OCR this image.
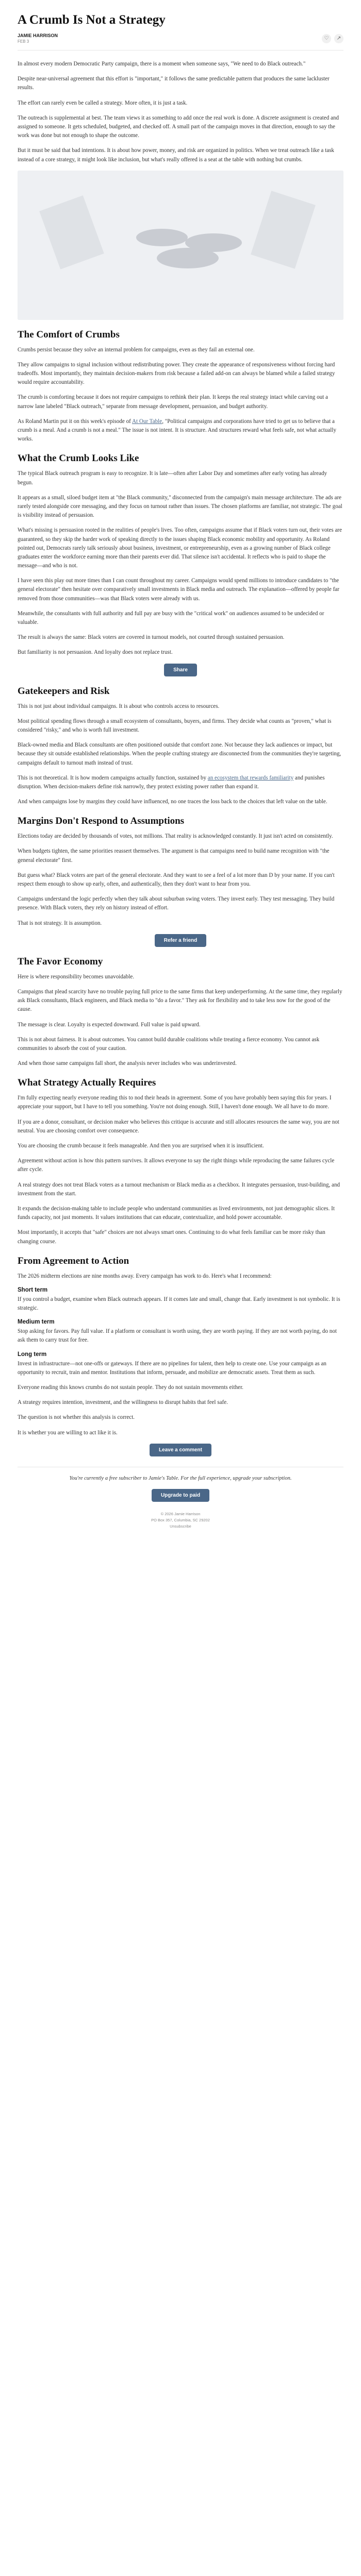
A Crumb Is Not a Strategy
JAMIE HARRISON
FEB 3
♡	↗

In almost every modern Democratic Party campaign, there is a moment when someone says, "We need to do Black outreach."

Despite near-universal agreement that this effort is "important," it follows the same predictable pattern that produces the same lackluster results.

The effort can rarely even be called a strategy. More often, it is just a task.

The outreach is supplemental at best. The team views it as something to add once the real work is done. A discrete assignment is created and assigned to someone. It gets scheduled, budgeted, and checked off. A small part of the campaign moves in that direction, enough to say the work was done but not enough to shape the outcome.

But it must be said that bad intentions. It is about how power, money, and risk are organized in politics. When we treat outreach like a task instead of a core strategy, it might look like inclusion, but what's really offered is a seat at the table with nothing but crumbs.

The Comfort of Crumbs

Crumbs persist because they solve an internal problem for campaigns, even as they fail an external one.

They allow campaigns to signal inclusion without redistributing power. They create the appearance of responsiveness without forcing hard tradeoffs. Most importantly, they maintain decision-makers from risk because a failed add-on can always be blamed while a failed strategy would require accountability.

The crumb is comforting because it does not require campaigns to rethink their plan. It keeps the real strategy intact while carving out a narrow lane labeled "Black outreach," separate from message development, persuasion, and budget authority.

As Roland Martin put it on this week's episode of At Our Table, "Political campaigns and corporations have tried to get us to believe that a crumb is a meal. And a crumb is not a meal." The issue is not intent. It is structure. And structures reward what feels safe, not what actually works.

What the Crumb Looks Like

The typical Black outreach program is easy to recognize. It is late—often after Labor Day and sometimes after early voting has already begun.

It appears as a small, siloed budget item at "the Black community," disconnected from the campaign's main message architecture. The ads are rarely tested alongside core messaging, and they focus on turnout rather than issues. The chosen platforms are familiar, not strategic. The goal is visibility instead of persuasion.

What's missing is persuasion rooted in the realities of people's lives. Too often, campaigns assume that if Black voters turn out, their votes are guaranteed, so they skip the harder work of speaking directly to the issues shaping Black economic mobility and opportunity. As Roland pointed out, Democrats rarely talk seriously about business, investment, or entrepreneurship, even as a growing number of Black college graduates enter the workforce earning more than their parents ever did. That silence isn't accidental. It reflects who is paid to shape the message—and who is not.

I have seen this play out more times than I can count throughout my career. Campaigns would spend millions to introduce candidates to "the general electorate" then hesitate over comparatively small investments in Black media and outreach. The explanation—offered by people far removed from those communities—was that Black voters were already with us.

Meanwhile, the consultants with full authority and full pay are busy with the "critical work" on audiences assumed to be undecided or valuable.

The result is always the same: Black voters are covered in turnout models, not courted through sustained persuasion.

But familiarity is not persuasion. And loyalty does not replace trust.

Share
Gatekeepers and Risk

This is not just about individual campaigns. It is about who controls access to resources.

Most political spending flows through a small ecosystem of consultants, buyers, and firms. They decide what counts as "proven," what is considered "risky," and who is worth full investment.

Black-owned media and Black consultants are often positioned outside that comfort zone. Not because they lack audiences or impact, but because they sit outside established relationships. When the people crafting strategy are disconnected from the communities they're targeting, campaigns default to turnout math instead of trust.

This is not theoretical. It is how modern campaigns actually function, sustained by an ecosystem that rewards familiarity and punishes disruption. When decision-makers define risk narrowly, they protect existing power rather than expand it.

And when campaigns lose by margins they could have influenced, no one traces the loss back to the choices that left value on the table.

Margins Don't Respond to Assumptions

Elections today are decided by thousands of votes, not millions. That reality is acknowledged constantly. It just isn't acted on consistently.

When budgets tighten, the same priorities reassert themselves. The argument is that campaigns need to build name recognition with "the general electorate" first.

But guess what? Black voters are part of the general electorate. And they want to see a feel of a lot more than D by your name. If you can't respect them enough to show up early, often, and authentically, then they don't want to hear from you.

Campaigns understand the logic perfectly when they talk about suburban swing voters. They invest early. They test messaging. They build presence. With Black voters, they rely on history instead of effort.

That is not strategy. It is assumption.

Refer a friend
The Favor Economy

Here is where responsibility becomes unavoidable.

Campaigns that plead scarcity have no trouble paying full price to the same firms that keep underperforming. At the same time, they regularly ask Black consultants, Black engineers, and Black media to "do a favor." They ask for flexibility and to take less now for the good of the cause.

The message is clear. Loyalty is expected downward. Full value is paid upward.

This is not about fairness. It is about outcomes. You cannot build durable coalitions while treating a fierce economy. You cannot ask communities to absorb the cost of your caution.

And when those same campaigns fall short, the analysis never includes who was underinvested.

What Strategy Actually Requires

I'm fully expecting nearly everyone reading this to nod their heads in agreement. Some of you have probably been saying this for years. I appreciate your support, but I have to tell you something. You're not doing enough. Still, I haven't done enough. We all have to do more.

If you are a donor, consultant, or decision maker who believes this critique is accurate and still allocates resources the same way, you are not neutral. You are choosing comfort over consequence.

You are choosing the crumb because it feels manageable. And then you are surprised when it is insufficient.

Agreement without action is how this pattern survives. It allows everyone to say the right things while reproducing the same failures cycle after cycle.

A real strategy does not treat Black voters as a turnout mechanism or Black media as a checkbox. It integrates persuasion, trust-building, and investment from the start.

It expands the decision-making table to include people who understand communities as lived environments, not just demographic slices. It funds capacity, not just moments. It values institutions that can educate, contextualize, and hold power accountable.

Most importantly, it accepts that "safe" choices are not always smart ones. Continuing to do what feels familiar can be more risky than changing course.

From Agreement to Action

The 2026 midterm elections are nine months away. Every campaign has work to do. Here's what I recommend:

Short term

If you control a budget, examine when Black outreach appears. If it comes late and small, change that. Early investment is not symbolic. It is strategic.

Medium term

Stop asking for favors. Pay full value. If a platform or consultant is worth using, they are worth paying. If they are not worth paying, do not ask them to carry trust for free.

Long term

Invest in infrastructure—not one-offs or gateways. If there are no pipelines for talent, then help to create one. Use your campaign as an opportunity to recruit, train and mentor. Institutions that inform, persuade, and mobilize are democratic assets. Treat them as such.

Everyone reading this knows crumbs do not sustain people. They do not sustain movements either.

A strategy requires intention, investment, and the willingness to disrupt habits that feel safe.

The question is not whether this analysis is correct.

It is whether you are willing to act like it is.

Leave a comment

You're currently a free subscriber to Jamie's Table. For the full experience, upgrade your subscription.

Upgrade to paid
© 2026 Jamie Harrison
PO Box 357, Columbia, SC 29202
Unsubscribe
